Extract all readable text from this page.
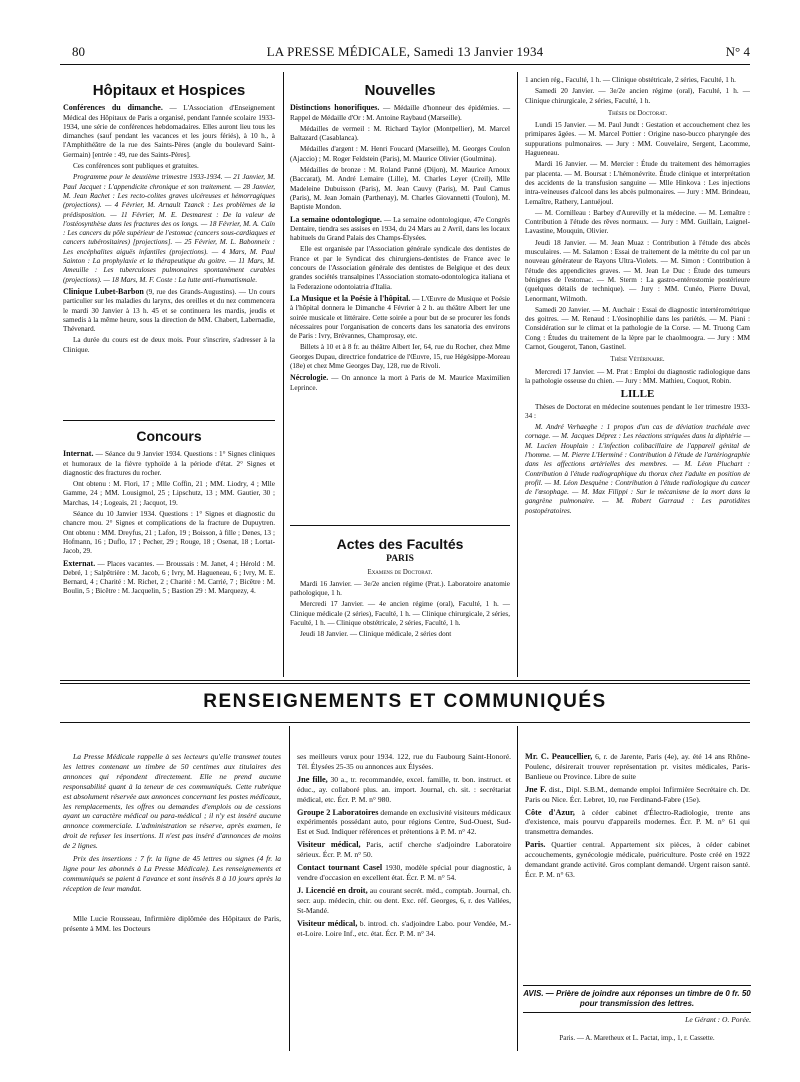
80	LA PRESSE MÉDICALE, Samedi 13 Janvier 1934	N° 4
Hôpitaux et Hospices

Conférences du dimanche. — L'Association d'Enseignement Médical des Hôpitaux de Paris a organisé, pendant l'année scolaire 1933-1934, une série de conférences hebdomadaires. Elles auront lieu tous les dimanches (sauf pendant les vacances et les jours fériés), à 10 h., à l'Amphithéâtre de la rue des Saints-Pères (angle du boulevard Saint-Germain) [entrée : 49, rue des Saints-Pères].

Ces conférences sont publiques et gratuites.

Programme pour le deuxième trimestre 1933-1934. — 21 Janvier, M. Paul Jacquet : L'appendicite chronique et son traitement. — 28 Janvier, M. Jean Rachet : Les recto-colites graves ulcéreuses et hémorragiques (projections). — 4 Février, M. Arnault Tzanck : Les problèmes de la prédisposition. — 11 Février, M. E. Desmarest : De la valeur de l'ostéosynthèse dans les fractures des os longs. — 18 Février, M. A. Caïn : Les cancers du pôle supérieur de l'estomac (cancers sous-cardiaques et cancers tubérositaires) [projections]. — 25 Février, M. L. Babonneix : Les encéphalites aiguës infantiles (projections). — 4 Mars, M. Paul Sainton : La prophylaxie et la thérapeutique du goitre. — 11 Mars, M. Ameuille : Les tuberculoses pulmonaires spontanément curables (projections). — 18 Mars, M. F. Coste : La lutte anti-rhumatismale.

Clinique Lubet-Barbon (9, rue des Grands-Augustins). — Un cours particulier sur les maladies du larynx, des oreilles et du nez commencera le mardi 30 Janvier à 13 h. 45 et se continuera les mardis, jeudis et samedis à la même heure, sous la direction de MM. Chabert, Labernadie, Thévenard.

La durée du cours est de deux mois. Pour s'inscrire, s'adresser à la Clinique.

Concours

Internat. — Séance du 9 Janvier 1934. Questions : 1° Signes cliniques et humoraux de la fièvre typhoïde à la période d'état. 2° Signes et diagnostic des fractures du rocher.

Ont obtenu : M. Flori, 17 ; Mlle Coffin, 21 ; MM. Liodry, 4 ; Mlle Gamme, 24 ; MM. Lousigmol, 25 ; Lipschutz, 13 ; MM. Gautier, 30 ; Marchas, 14 ; Logeais, 21 ; Jacquot, 19.

Séance du 10 Janvier 1934. Questions : 1° Signes et diagnostic du chancre mou. 2° Signes et complications de la fracture de Dupuytren. Ont obtenu : MM. Dreyfus, 21 ; Lafon, 19 ; Boisson, à fille ; Denes, 13 ; Hofmann, 16 ; Duflo, 17 ; Pecher, 29 ; Rouge, 18 ; Osenat, 18 ; Lortat-Jacob, 29.

Externat. — Places vacantes. — Broussais : M. Janet, 4 ; Hérold : M. Debré, 1 ; Salpêtrière : M. Jacob, 6 ; Ivry, M. Hagueneau, 6 ; Ivry, M. E. Bernard, 4 ; Charité : M. Richet, 2 ; Charité : M. Carrié, 7 ; Bicêtre : M. Boulin, 5 ; Bicêtre : M. Jacquelin, 5 ; Bastion 29 : M. Marquezy, 4.

Nouvelles

Distinctions honorifiques. — Médaille d'honneur des épidémies. — Rappel de Médaille d'Or : M. Antoine Raybaud (Marseille).

Médailles de vermeil : M. Richard Taylor (Montpellier), M. Marcel Baltazard (Casablanca).

Médailles d'argent : M. Henri Foucard (Marseille), M. Georges Coulon (Ajaccio) ; M. Roger Feldstein (Paris), M. Maurice Olivier (Goulmina).

Médailles de bronze : M. Roland Panné (Dijon), M. Maurice Arnoux (Baccarat), M. André Lemaire (Lille), M. Charles Leyer (Creil), Mlle Madeleine Dubuisson (Paris), M. Jean Cauvy (Paris), M. Paul Camus (Paris), M. Jean Jomain (Parthenay), M. Charles Giovannetti (Toulon), M. Baptiste Mondon.

La semaine odontologique. — La semaine odontologique, 47e Congrès Dentaire, tiendra ses assises en 1934, du 24 Mars au 2 Avril, dans les locaux habituels du Grand Palais des Champs-Élysées.

Elle est organisée par l'Association générale syndicale des dentistes de France et par le Syndicat des chirurgiens-dentistes de France avec le concours de l'Association générale des dentistes de Belgique et des deux grandes sociétés transalpines l'Association stomato-odontologica italiana et la Federazione odontoiatria d'Italia.

La Musique et la Poésie à l'hôpital. — L'Œuvre de Musique et Poésie à l'hôpital donnera le Dimanche 4 Février à 2 h. au théâtre Albert Ier une soirée musicale et littéraire. Cette soirée a pour but de se procurer les fonds nécessaires pour l'organisation de concerts dans les sanatoria des environs de Paris : Ivry, Brévannes, Champrosay, etc.

Billets à 10 et à 8 fr. au théâtre Albert Ier, 64, rue du Rocher, chez Mme Georges Dupau, directrice fondatrice de l'Œuvre, 15, rue Hégésippe-Moreau (18e) et chez Mme Georges Day, 128, rue de Rivoli.

Nécrologie. — On annonce la mort à Paris de M. Maurice Maximilien Leprince.

Actes des Facultés
PARIS
Examens de Doctorat.

Mardi 16 Janvier. — 3e/2e ancien régime (Prat.). Laboratoire anatomie pathologique, 1 h.

Mercredi 17 Janvier. — 4e ancien régime (oral), Faculté, 1 h. — Clinique médicale (2 séries), Faculté, 1 h. — Clinique chirurgicale, 2 séries, Faculté, 1 h. — Clinique obstétricale, 2 séries, Faculté, 1 h.

Jeudi 18 Janvier. — Clinique médicale, 2 séries dont

1 ancien rég., Faculté, 1 h. — Clinique obstétricale, 2 séries, Faculté, 1 h.

Samedi 20 Janvier. — 3e/2e ancien régime (oral), Faculté, 1 h. — Clinique chirurgicale, 2 séries, Faculté, 1 h.

Thèses de Doctorat.

Lundi 15 Janvier. — M. Paul Jundt : Gestation et accouchement chez les primipares âgées. — M. Marcel Pottier : Origine naso-bucco pharyngée des suppurations pulmonaires. — Jury : MM. Couvelaire, Sergent, Lacomme, Hagueneau.

Mardi 16 Janvier. — M. Mercier : Étude du traitement des hémorragies par placenta. — M. Boursat : L'hémonévrite. Étude clinique et interprétation des accidents de la transfusion sanguine — Mlle Hinkova : Les injections intra-veineuses d'alcool dans les abcès pulmonaires. — Jury : MM. Brindeau, Lemaître, Rathery, Lantuéjoul.

— M. Cornilleau : Barbey d'Aurevilly et la médecine. — M. Lemaître : Contribution à l'étude des rêves normaux. — Jury : MM. Guillain, Laignel-Lavastine, Mouquin, Olivier.

Jeudi 18 Janvier. — M. Jean Muaz : Contribution à l'étude des abcès musculaires. — M. Salamon : Essai de traitement de la métrite du col par un nouveau générateur de Rayons Ultra-Violets. — M. Simon : Contribution à l'étude des appendicites graves. — M. Jean Le Duc : Étude des tumeurs bénignes de l'estomac. — M. Sterm : La gastro-entérostomie postérieure (quelques détails de technique). — Jury : MM. Cunéo, Pierre Duval, Lenormant, Wilmoth.

Samedi 20 Janvier. — M. Auchair : Essai de diagnostic intertérométrique des goitres. — M. Renaud : L'éosinophilie dans les pariétés. — M. Piani : Considération sur le climat et la pathologie de la Corse. — M. Truong Cam Cong : Études du traitement de la lèpre par le chaolmoogra. — Jury : MM Carnot, Gougerot, Tanon, Gastinel.

Thèse Vétérinaire.

Mercredi 17 Janvier. — M. Prat : Emploi du diagnostic radiologique dans la pathologie osseuse du chien. — Jury : MM. Mathieu, Coquot, Robin.

LILLE

Thèses de Doctorat en médecine soutenues pendant le 1er trimestre 1933-34 :

M. André Verhaeghe : 1 propos d'un cas de déviation trachéale avec cornage. — M. Jacques Déprez : Les réactions striquées dans la diphtérie — M. Lucien Houplain : L'infection colibacillaire de l'appareil génital de l'homme. — M. Pierre L'Herminé : Contribution à l'étude de l'artériographie dans les affections artérielles des membres. — M. Léon Pluchart : Contribution à l'étude radiographique du thorax chez l'adulte en position de profil. — M. Léon Desquène : Contribution à l'étude radiologique du cancer de l'œsophage. — M. Max Filippi : Sur le mécanisme de la mort dans la gangrène pulmonaire. — M. Robert Garraud : Les parotidites postopératoires.

RENSEIGNEMENTS ET COMMUNIQUÉS

La Presse Médicale rappelle à ses lecteurs qu'elle transmet toutes les lettres contenant un timbre de 50 centimes aux titulaires des annonces qui répondent directement. Elle ne prend aucune responsabilité quant à la teneur de ces communiqués. Cette rubrique est absolument réservée aux annonces concernant les postes médicaux, les remplacements, les offres ou demandes d'emplois ou de cessions ayant un caractère médical ou para-médical ; il n'y est inséré aucune annonce commerciale. L'administration se réserve, après examen, le droit de refuser les insertions. Il n'est pas inséré d'annonces de moins de 2 lignes.

Prix des insertions : 7 fr. la ligne de 45 lettres ou signes (4 fr. la ligne pour les abonnés à La Presse Médicale). Les renseignements et communiqués se paient à l'avance et sont insérés 8 à 10 jours après la réception de leur mandat.

Mlle Lucie Rousseau, Infirmière diplômée des Hôpitaux de Paris, présente à MM. les Docteurs

ses meilleurs vœux pour 1934. 122, rue du Faubourg Saint-Honoré. Tél. Élysées 25-35 ou annonces aux Élysées.

Jne fille, 30 a., tr. recommandée, excel. famille, tr. bon. instruct. et éduc., ay. collaboré plus. an. import. Journal, ch. sit. : secrétariat médical, etc. Écr. P. M. n° 980.

Groupe 2 Laboratoires demande en exclusivité visiteurs médicaux expérimentés possédant auto, pour régions Centre, Sud-Ouest, Sud-Est et Sud. Indiquer références et prétentions à P. M. n° 42.

Visiteur médical, Paris, actif cherche s'adjoindre Laboratoire sérieux. Écr. P. M. n° 50.

Contact tournant Casel 1930, modèle spécial pour diagnostic, à vendre d'occasion en excellent état. Écr. P. M. n° 54.

J. Licencié en droit, au courant secrét. méd., comptab. Journal, ch. secr. aup. médecin, chir. ou dent. Exc. réf. Georges, 6, r. des Vallées, St-Mandé.

Visiteur médical, b. introd. ch. s'adjoindre Labo. pour Vendée, M.-et-Loire. Loire Inf., etc. état. Écr. P. M. n° 34.

Mr. C. Peaucellier, 6, r. de Jarente, Paris (4e), ay. été 14 ans Rhône-Poulenc, désirerait trouver représentation pr. visites médicales, Paris-Banlieue ou Province. Libre de suite

Jne F. dist., Dipl. S.B.M., demande emploi Infirmière Secrétaire ch. Dr. Paris ou Nice. Écr. Lebret, 10, rue Ferdinand-Fabre (15e).

Côte d'Azur, à céder cabinet d'Électro-Radiologie, trente ans d'existence, mais pourvu d'appareils modernes. Écr. P. M. n° 61 qui transmettra demandes.

Paris. Quartier central. Appartement six pièces, à céder cabinet accouchements, gynécologie médicale, puériculture. Poste créé en 1922 demandant grande activité. Gros complant demandé. Urgent raison santé. Écr. P. M. n° 63.

AVIS. — Prière de joindre aux réponses un timbre de 0 fr. 50 pour transmission des lettres.
Le Gérant : O. Porée.
Paris. — A. Maretheux et L. Pactat, imp., 1, r. Cassette.
